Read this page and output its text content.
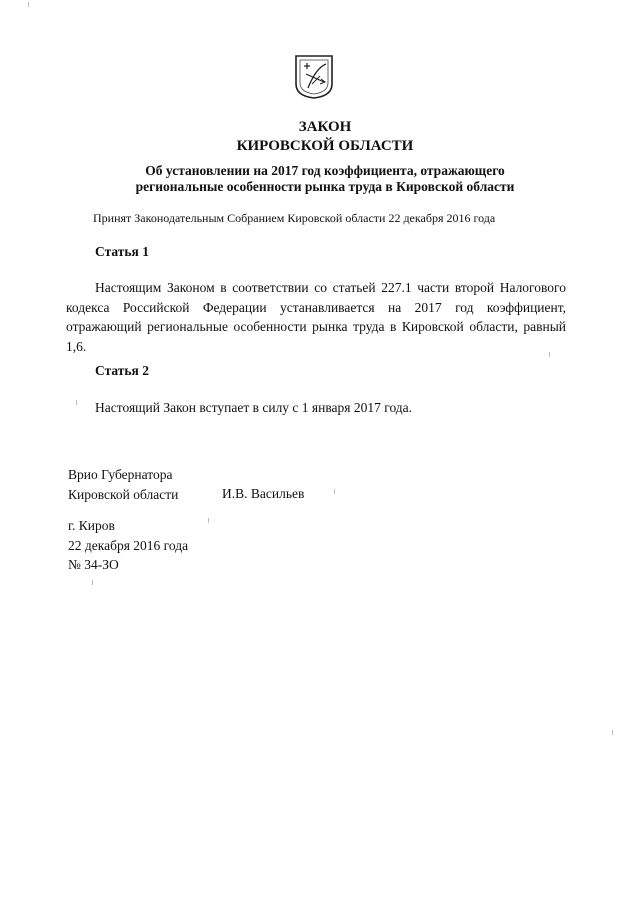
ЗАКОН
КИРОВСКОЙ ОБЛАСТИ
Об установлении на 2017 год коэффициента, отражающего
региональные особенности рынка труда в Кировской области
Принят Законодательным Собранием Кировской области 22 декабря 2016 года
Статья 1
Настоящим Законом в соответствии со статьей 227.1 части второй Налогового кодекса Российской Федерации устанавливается на 2017 год коэффициент, отражающий региональные особенности рынка труда в Кировской области, равный 1,6.
Статья 2
Настоящий Закон вступает в силу с 1 января 2017 года.
Врио Губернатора
Кировской области	И.В. Васильев
г. Киров
22 декабря 2016 года
№ 34-ЗО
